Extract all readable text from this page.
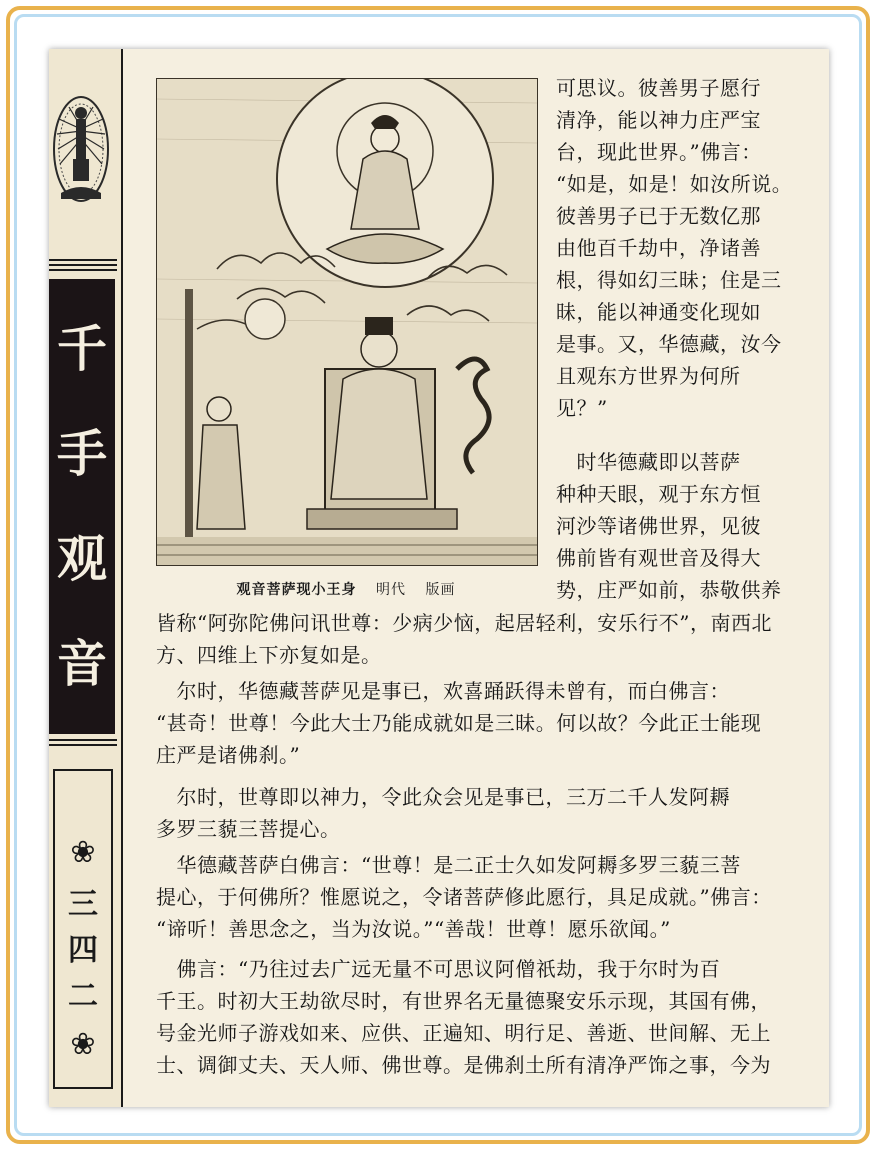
千
手
观
音
❀
三
四
二
❀
观音菩萨现小王身 明代 版画
可思议。彼善男子愿行
清净，能以神力庄严宝
台，现此世界。”佛言：
“如是，如是！如汝所说。
彼善男子已于无数亿那
由他百千劫中，净诸善
根，得如幻三昧；住是三
昧，能以神通变化现如
是事。又，华德藏，汝今
且观东方世界为何所
见？”
　时华德藏即以菩萨
种种天眼，观于东方恒
河沙等诸佛世界，见彼
佛前皆有观世音及得大
势，庄严如前，恭敬供养
皆称“阿弥陀佛问讯世尊：少病少恼，起居轻利，安乐行不”，南西北
方、四维上下亦复如是。
　尔时，华德藏菩萨见是事已，欢喜踊跃得未曾有，而白佛言：
“甚奇！世尊！今此大士乃能成就如是三昧。何以故？今此正士能现
庄严是诸佛刹。”
　尔时，世尊即以神力，令此众会见是事已，三万二千人发阿耨
多罗三藐三菩提心。
　华德藏菩萨白佛言：“世尊！是二正士久如发阿耨多罗三藐三菩
提心，于何佛所？惟愿说之，令诸菩萨修此愿行，具足成就。”佛言：
“谛听！善思念之，当为汝说。”“善哉！世尊！愿乐欲闻。”
　佛言：“乃往过去广远无量不可思议阿僧祇劫，我于尔时为百
千王。时初大王劫欲尽时，有世界名无量德聚安乐示现，其国有佛，
号金光师子游戏如来、应供、正遍知、明行足、善逝、世间解、无上
士、调御丈夫、天人师、佛世尊。是佛刹土所有清净严饰之事，今为
